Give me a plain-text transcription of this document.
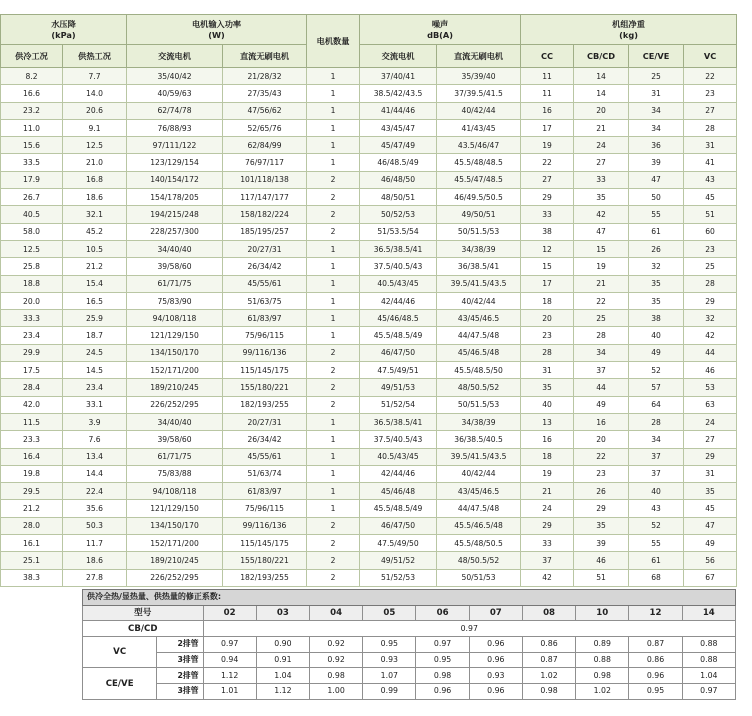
水压降
(kPa)		电机输入功率
(W)		电机数量	噪声
dB(A)		机组净重
(kg)			
供冷工况	供热工况	交流电机	直流无刷电机		交流电机	直流无刷电机	CC	CB/CD	CE/VE	VC
8.2	7.7	35/40/42	21/28/32	1	37/40/41	35/39/40	11	14	25	22
16.6	14.0	40/59/63	27/35/43	1	38.5/42/43.5	37/39.5/41.5	11	14	31	23
23.2	20.6	62/74/78	47/56/62	1	41/44/46	40/42/44	16	20	34	27
11.0	9.1	76/88/93	52/65/76	1	43/45/47	41/43/45	17	21	34	28
15.6	12.5	97/111/122	62/84/99	1	45/47/49	43.5/46/47	19	24	36	31
33.5	21.0	123/129/154	76/97/117	1	46/48.5/49	45.5/48/48.5	22	27	39	41
17.9	16.8	140/154/172	101/118/138	2	46/48/50	45.5/47/48.5	27	33	47	43
26.7	18.6	154/178/205	117/147/177	2	48/50/51	46/49.5/50.5	29	35	50	45
40.5	32.1	194/215/248	158/182/224	2	50/52/53	49/50/51	33	42	55	51
58.0	45.2	228/257/300	185/195/257	2	51/53.5/54	50/51.5/53	38	47	61	60
12.5	10.5	34/40/40	20/27/31	1	36.5/38.5/41	34/38/39	12	15	26	23
25.8	21.2	39/58/60	26/34/42	1	37.5/40.5/43	36/38.5/41	15	19	32	25
18.8	15.4	61/71/75	45/55/61	1	40.5/43/45	39.5/41.5/43.5	17	21	35	28
20.0	16.5	75/83/90	51/63/75	1	42/44/46	40/42/44	18	22	35	29
33.3	25.9	94/108/118	61/83/97	1	45/46/48.5	43/45/46.5	20	25	38	32
23.4	18.7	121/129/150	75/96/115	1	45.5/48.5/49	44/47.5/48	23	28	40	42
29.9	24.5	134/150/170	99/116/136	2	46/47/50	45/46.5/48	28	34	49	44
17.5	14.5	152/171/200	115/145/175	2	47.5/49/51	45.5/48.5/50	31	37	52	46
28.4	23.4	189/210/245	155/180/221	2	49/51/53	48/50.5/52	35	44	57	53
42.0	33.1	226/252/295	182/193/255	2	51/52/54	50/51.5/53	40	49	64	63
11.5	3.9	34/40/40	20/27/31	1	36.5/38.5/41	34/38/39	13	16	28	24
23.3	7.6	39/58/60	26/34/42	1	37.5/40.5/43	36/38.5/40.5	16	20	34	27
16.4	13.4	61/71/75	45/55/61	1	40.5/43/45	39.5/41.5/43.5	18	22	37	29
19.8	14.4	75/83/88	51/63/74	1	42/44/46	40/42/44	19	23	37	31
29.5	22.4	94/108/118	61/83/97	1	45/46/48	43/45/46.5	21	26	40	35
21.2	35.6	121/129/150	75/96/115	1	45.5/48.5/49	44/47.5/48	24	29	43	45
28.0	50.3	134/150/170	99/116/136	2	46/47/50	45.5/46.5/48	29	35	52	47
16.1	11.7	152/171/200	115/145/175	2	47.5/49/50	45.5/48/50.5	33	39	55	49
25.1	18.6	189/210/245	155/180/221	2	49/51/52	48/50.5/52	37	46	61	56
38.3	27.8	226/252/295	182/193/255	2	51/52/53	50/51/53	42	51	68	67
供冷全热/显热量、供热量的修正系数:											
型号		02	03	04	05	06	07	08	10	12	14
CB/CD		0.97									
VC	2排管	0.97	0.90	0.92	0.95	0.97	0.96	0.86	0.89	0.87	0.88
	3排管	0.94	0.91	0.92	0.93	0.95	0.96	0.87	0.88	0.86	0.88
CE/VE	2排管	1.12	1.04	0.98	1.07	0.98	0.93	1.02	0.98	0.96	1.04
	3排管	1.01	1.12	1.00	0.99	0.96	0.96	0.98	1.02	0.95	0.97
